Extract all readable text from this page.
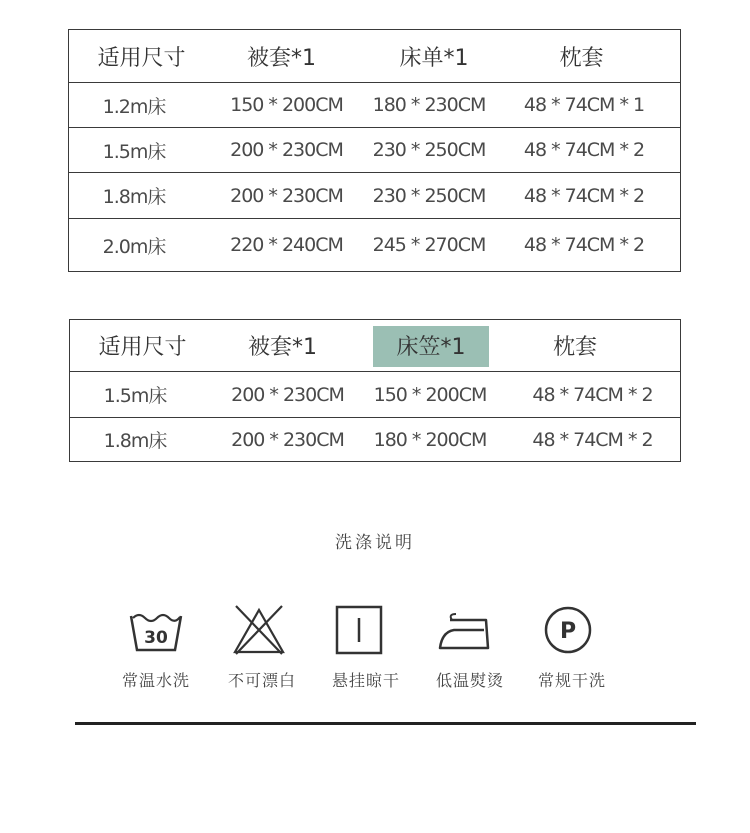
适用尺寸	被套*1	床单*1	枕套
1.2m床	150 * 200CM	180 * 230CM	48 * 74CM * 1
1.5m床	200 * 230CM	230 * 250CM	48 * 74CM * 2
1.8m床	200 * 230CM	230 * 250CM	48 * 74CM * 2
2.0m床	220 * 240CM	245 * 270CM	48 * 74CM * 2
适用尺寸	被套*1	床笠*1	枕套
1.5m床	200 * 230CM	150 * 200CM	48 * 74CM * 2
1.8m床	200 * 230CM	180 * 200CM	48 * 74CM * 2
洗涤说明
30	P
常温水洗	不可漂白	悬挂晾干	低温熨烫	常规干洗
